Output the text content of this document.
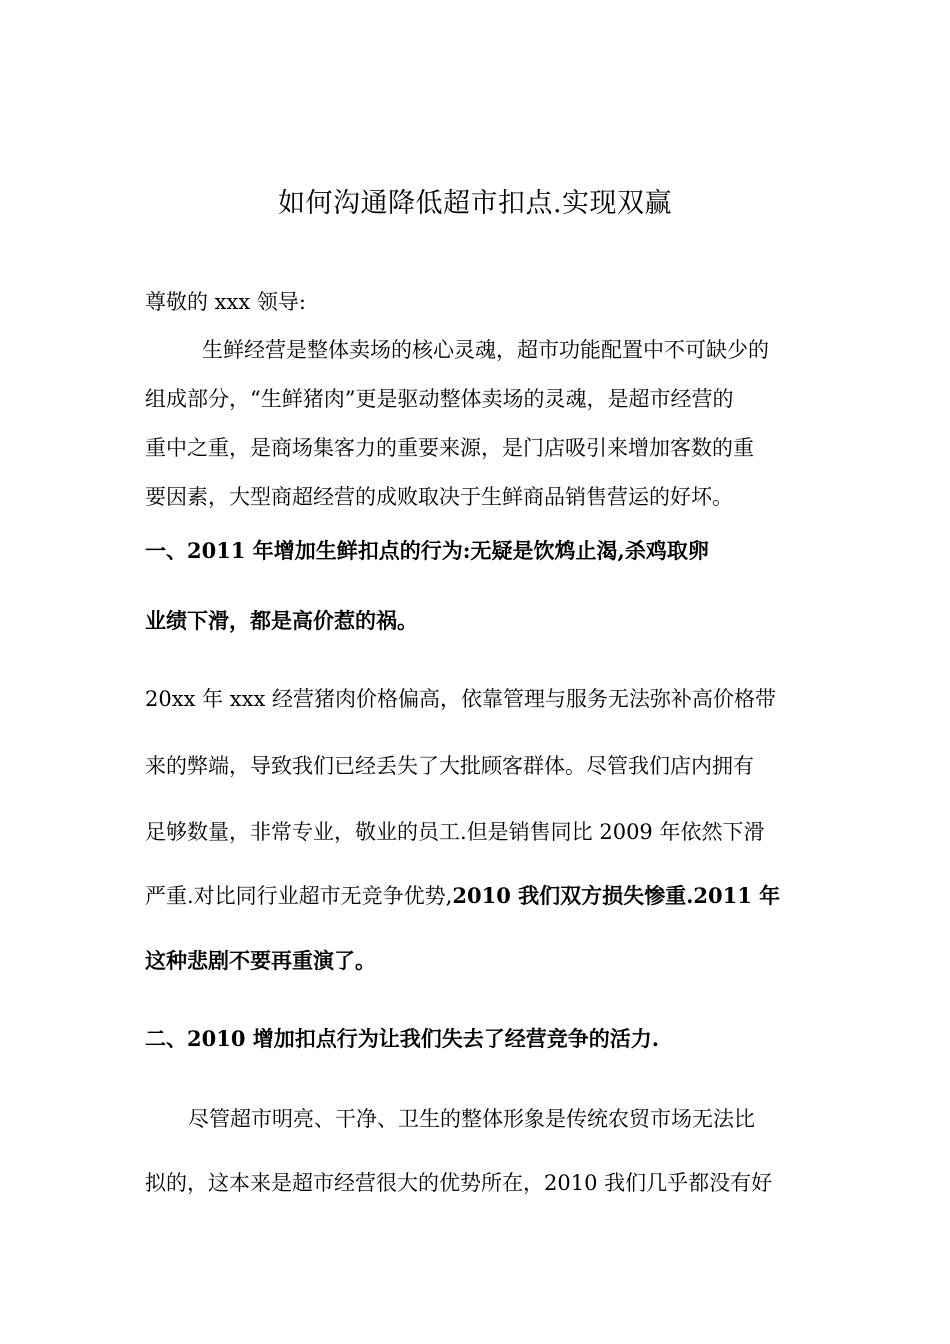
如何沟通降低超市扣点.实现双赢
尊敬的 xxx 领导:
生鲜经营是整体卖场的核心灵魂，超市功能配置中不可缺少的
组成部分，“生鲜猪肉”更是驱动整体卖场的灵魂，是超市经营的
重中之重，是商场集客力的重要来源，是门店吸引来增加客数的重
要因素，大型商超经营的成败取决于生鲜商品销售营运的好坏。
一、2011 年增加生鲜扣点的行为:无疑是饮鸩止渴,杀鸡取卵
业绩下滑，都是高价惹的祸。
20xx 年 xxx 经营猪肉价格偏高，依靠管理与服务无法弥补高价格带
来的弊端，导致我们已经丢失了大批顾客群体。尽管我们店内拥有
足够数量，非常专业，敬业的员工.但是销售同比 2009 年依然下滑
严重.对比同行业超市无竞争优势,2010 我们双方损失惨重.2011 年
这种悲剧不要再重演了。
二、2010 增加扣点行为让我们失去了经营竞争的活力.
尽管超市明亮、干净、卫生的整体形象是传统农贸市场无法比
拟的，这本来是超市经营很大的优势所在，2010 我们几乎都没有好
